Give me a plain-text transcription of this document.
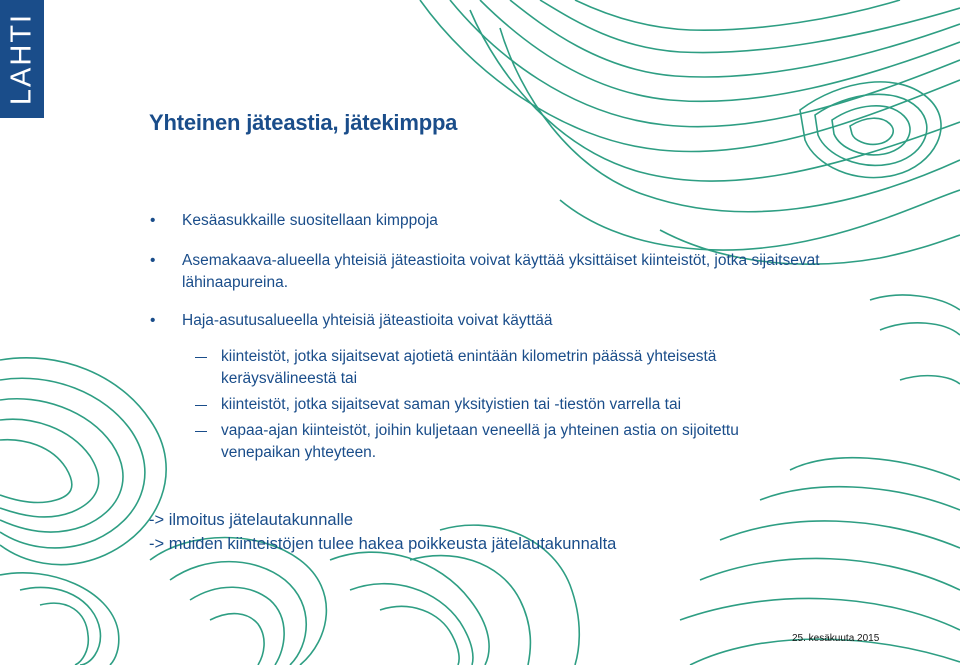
LAHTI
Yhteinen jäteastia, jätekimppa
•	Kesäasukkaille suositellaan kimppoja
•	Asemakaava-alueella yhteisiä jäteastioita voivat käyttää yksittäiset kiinteistöt, jotka sijaitsevat lähinaapureina.
•	Haja-asutusalueella yhteisiä jäteastioita voivat käyttää
kiinteistöt, jotka sijaitsevat ajotietä enintään kilometrin päässä yhteisestä keräysvälineestä tai
kiinteistöt, jotka sijaitsevat saman yksityistien tai -tiestön varrella tai
vapaa-ajan kiinteistöt, joihin kuljetaan veneellä ja yhteinen astia on sijoitettu venepaikan yhteyteen.
-> ilmoitus jätelautakunnalle
-> muiden kiinteistöjen tulee hakea poikkeusta jätelautakunnalta
25. kesäkuuta 2015
